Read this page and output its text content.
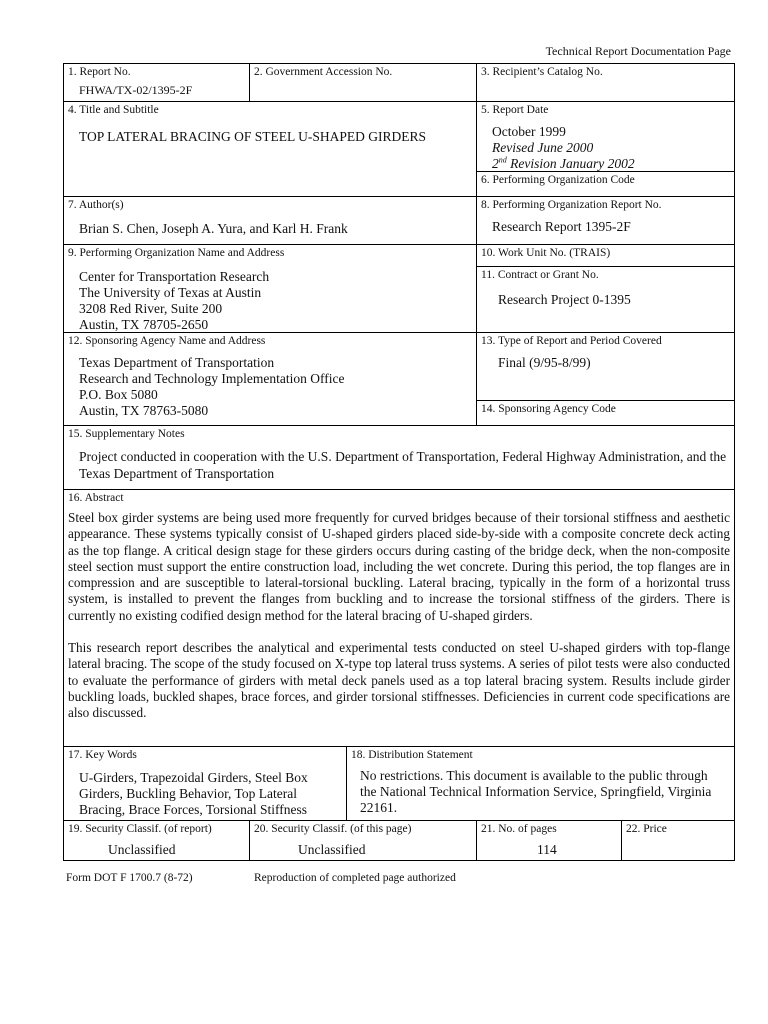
Technical Report Documentation Page
1. Report No.
FHWA/TX-02/1395-2F
2. Government Accession No.	3. Recipient’s Catalog No.
4. Title and Subtitle
TOP LATERAL BRACING OF STEEL U-SHAPED GIRDERS
5. Report Date
October 1999
Revised June 2000
2nd Revision January 2002
6. Performing Organization Code
7. Author(s)
Brian S. Chen, Joseph A. Yura, and Karl H. Frank
8. Performing Organization Report No.
Research Report 1395-2F
9. Performing Organization Name and Address
Center for Transportation Research
The University of Texas at Austin
3208 Red River, Suite 200
Austin, TX 78705-2650
10. Work Unit No. (TRAIS)
11. Contract or Grant No.
Research Project 0-1395
12. Sponsoring Agency Name and Address
Texas Department of Transportation
Research and Technology Implementation Office
P.O. Box 5080
Austin, TX 78763-5080
13. Type of Report and Period Covered
Final (9/95-8/99)
14. Sponsoring Agency Code
15. Supplementary Notes
Project conducted in cooperation with the U.S. Department of Transportation, Federal Highway Administration, and the Texas Department of Transportation
16. Abstract

Steel box girder systems are being used more frequently for curved bridges because of their torsional stiffness and aesthetic appearance. These systems typically consist of U-shaped girders placed side-by-side with a composite concrete deck acting as the top flange. A critical design stage for these girders occurs during casting of the bridge deck, when the non-composite steel section must support the entire construction load, including the wet concrete. During this period, the top flanges are in compression and are susceptible to lateral-torsional buckling. Lateral bracing, typically in the form of a horizontal truss system, is installed to prevent the flanges from buckling and to increase the torsional stiffness of the girders. There is currently no existing codified design method for the lateral bracing of U-shaped girders.

This research report describes the analytical and experimental tests conducted on steel U-shaped girders with top-flange lateral bracing. The scope of the study focused on X-type top lateral truss systems. A series of pilot tests were also conducted to evaluate the performance of girders with metal deck panels used as a top lateral bracing system. Results include girder buckling loads, buckled shapes, brace forces, and girder torsional stiffnesses. Deficiencies in current code specifications are also discussed.

17. Key Words
U-Girders, Trapezoidal Girders, Steel Box
Girders, Buckling Behavior, Top Lateral
Bracing, Brace Forces, Torsional Stiffness
18. Distribution Statement
No restrictions. This document is available to the public through
the National Technical Information Service, Springfield, Virginia
22161.
19. Security Classif. (of report)
Unclassified
20. Security Classif. (of this page)
Unclassified
21. No. of pages
114
22. Price
Form DOT F 1700.7 (8-72)	Reproduction of completed page authorized
